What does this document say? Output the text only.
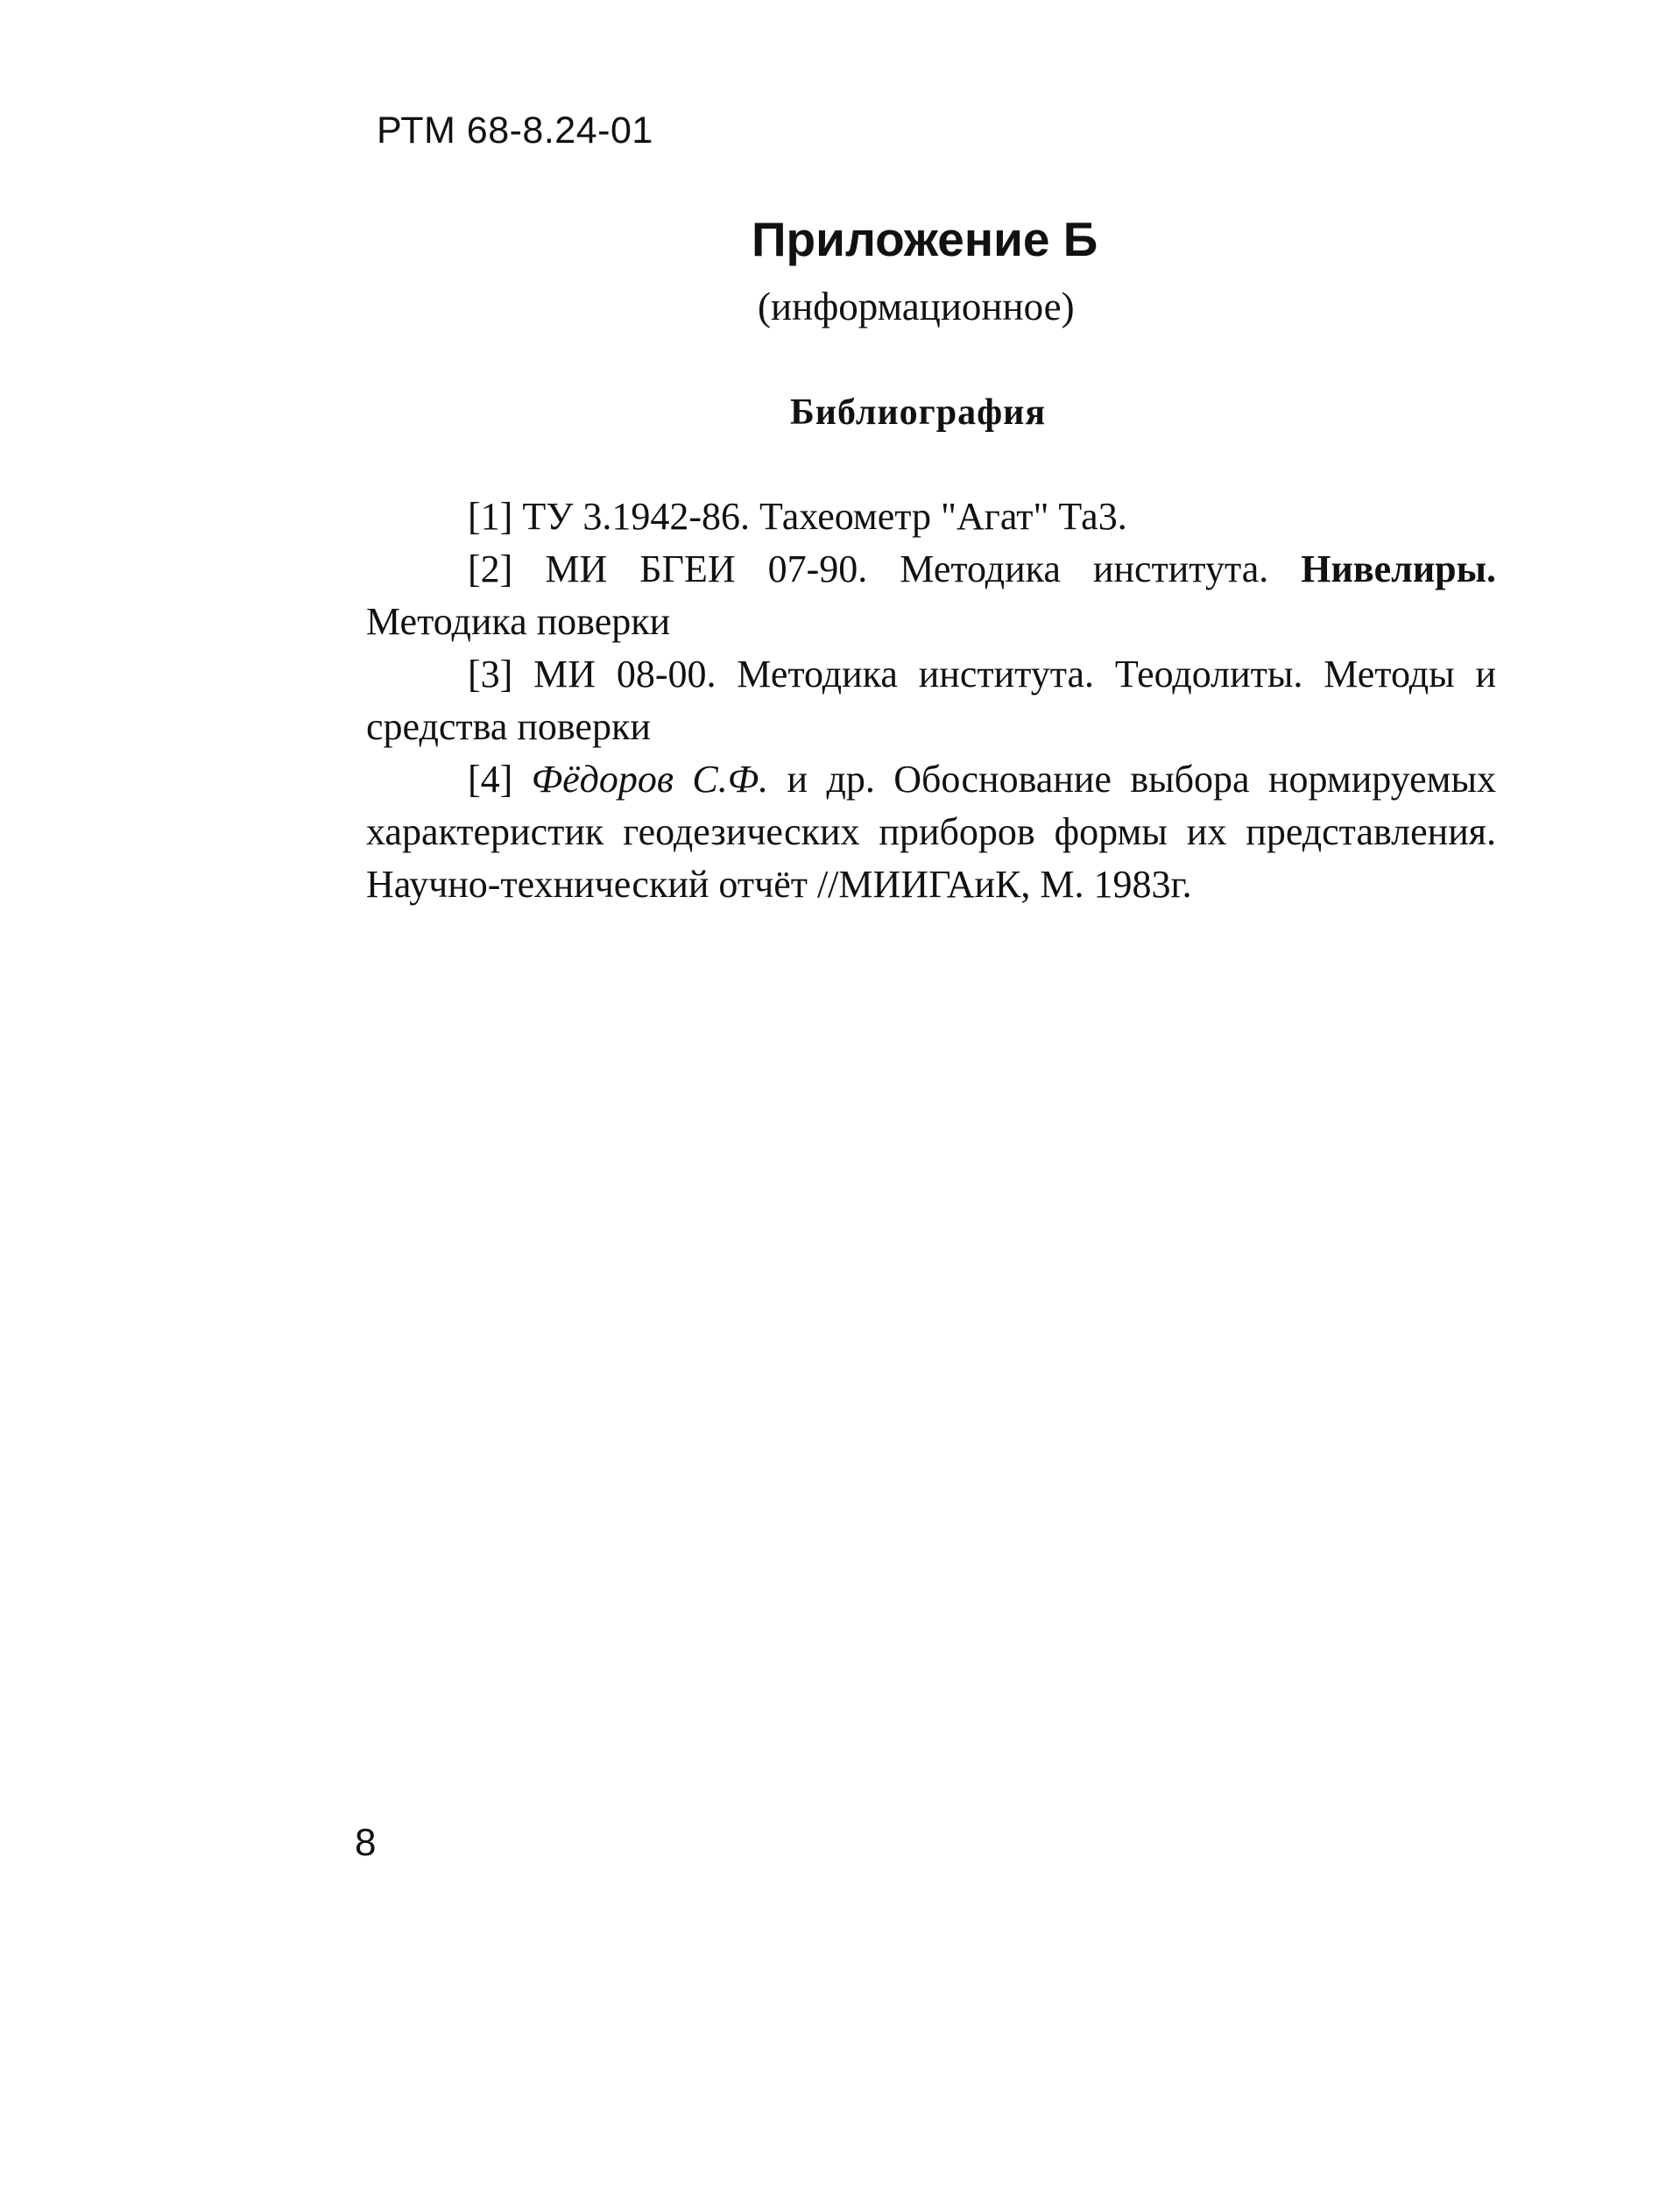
РТМ 68-8.24-01
Приложение Б
(информационное)
Библиография

[1] ТУ 3.1942-86. Тахеометр "Агат" Та3.

[2] МИ БГЕИ 07-90. Методика института. Нивелиры. Методика поверки

[3] МИ 08-00. Методика института. Теодолиты. Методы и средства поверки

[4] Фёдоров С.Ф. и др. Обоснование выбора нормируемых характеристик геодезических приборов формы их представления. Научно-технический отчёт //МИИГАиК, М. 1983г.

8
